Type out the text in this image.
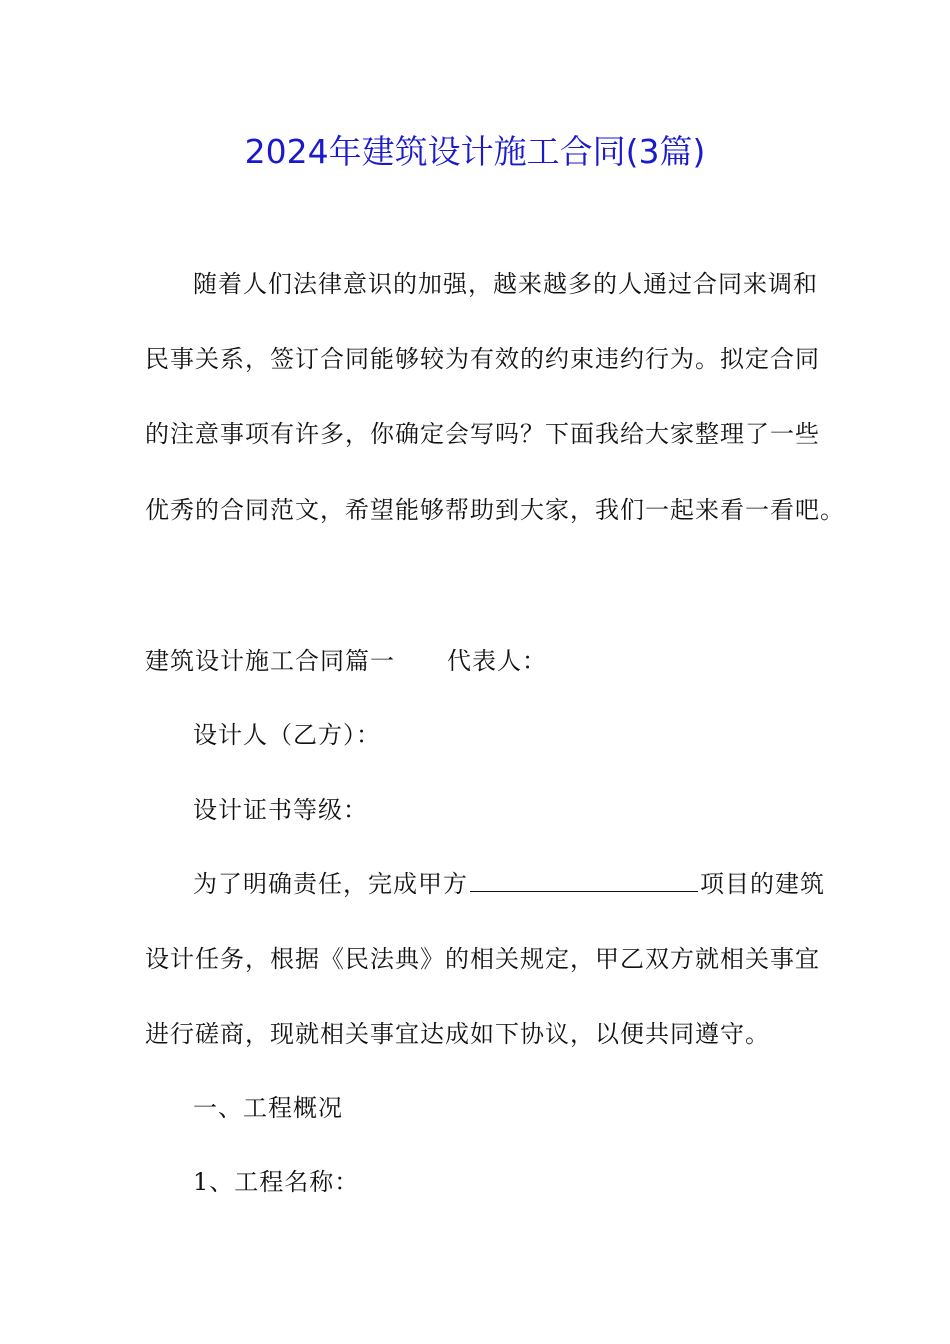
2024年建筑设计施工合同(3篇)
随着人们法律意识的加强，越来越多的人通过合同来调和
民事关系，签订合同能够较为有效的约束违约行为。拟定合同
的注意事项有许多，你确定会写吗？下面我给大家整理了一些
优秀的合同范文，希望能够帮助到大家，我们一起来看一看吧。
建筑设计施工合同篇一 代表人：
设计人（乙方）：
设计证书等级：
为了明确责任，完成甲方	项目的建筑
设计任务，根据《民法典》的相关规定，甲乙双方就相关事宜
进行磋商，现就相关事宜达成如下协议，以便共同遵守。
一、工程概况
1、工程名称：
